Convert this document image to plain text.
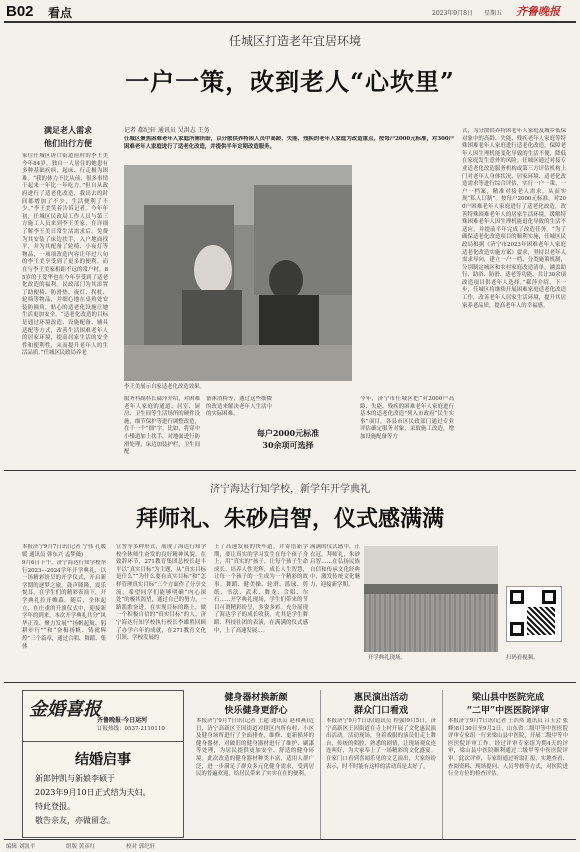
B02 看点	2023年9月8日 星期五 齐鲁晚报
任城区打造老年宜居环境
一户一策，改到老人“心坎里”
满足老人需求
他们出行方便
家住任城区唐口街道前村的李王美今年84岁，独自一人居住的她患有多种基础疾病，起床、行走极为困难。“我的体力不比从前，很多事情干起来一年比一年吃力。”但自从政府进行了适老化改造，我出去的时间都增加了不少，生活便利了不少。”李王美笑着告诉记者。今年年初，任城区民政局工作人员与第三方施工人员来到李王美家，在详细了解李王美日常生活需求后，免费为其安装了床边扶手，入户地面找平，并为其配备了轮椅、小夜灯等物品，一项项改造内容让年过八旬的李王美享受到了更多的便利。而在与李王美家相距不远的常户村，85岁的王爱华也在今年享受到了适老化改造的福利。民政部门为其添置了助便椅、防滑垫、夜灯、拐杖、轮椅等物品，并细心地在桌角处安装防撞角，贴心的适老化设施让她生活更加安全。“适老化改造的目标是通过环境改造、设施配备、辅具适配等方式，改善生活困难老年人的居家环境，提高居家生活的安全性和便利性，从而提升老年人的生活品质。”任城区民政局养老
记者 郗纪轩 通讯员 吴洪志 王务
任城区聚焦困难老年人家庭所需所盼，以分散供养特困人员中高龄、失能、残疾的老年人家庭为改造重点，按每户2000元标准，对300户困难老年人家庭进行了适老化改造，并提供半年定期改造服务。
李王美展示自家适老化改造效果。
服务科副科长郗萍介绍，对困难老年人家庭的通道、居室、厨房、卫生间等生活场所的硬件设施，细节保护等进行调整改造，在干一个“细”字，比如，将穿中小楼道加上扶手，对地面进行防滑处理，床边加装护栏，卫生间配
备沐浴椅等，通过这些细微的改造来解决老年人生活中的实际困难。
每户2000元标准
30余项可选择
今年，济宁市任城区把“对2000户高龄、失能、残疾的困难老年人家庭进行基本的适老化改造”列入市政府“民生实事”项目。各县市区民政部门通过专业评估确定服务对象，采取施工改造，增加设施配备等方
式，为分散供养特困老年人家庭及城乡低保对象中的高龄、失能、残疾老年人家庭等特殊困难老年人家庭进行适老化改造，保障老年人因生理机能变化导致的生活不便，降低在家庭发生意外的风险。任城区通过对接专业适老化改造服务机构或第三方评估机构上门对老年人身体状况、居家环境、适老化改造需求等进行综合评估，实行一户一策、一户一档案，精准对接老人需求，从而实现“私人订制”。按每户2000元标准，对200户困难老年人家庭进行了适老化改造，改善特殊困难老年人的居家生活环境，缓解特殊困难老年人因生理机能退化导致的生活不适应，并提前半年完成了改造任务。“为了确保适老化改造项目的顺利实施，任城区民政局根据《济宁市2023年困难老年人家庭适老化改造实施方案》要求，坚持以老年人需求导向，建立一户一档、分类施策机制，分别制定城区和农村家庭改造清单，涵盖助行、助浴、防滑、适老等功能，共计30余项改造项目供老年人选择。”郗萍介绍。下一步，任城区将继续开展困难家庭适老化改造工作，改善老年人居家生活环境，提升其居家养老品质，提高老年人的幸福感。
济宁海达行知学校，新学年开学典礼
拜师礼、朱砂启智，仪式感满满
本报济宁9月7日讯(记者 宁伟 孔媛媛 通讯员 韩东兴 孟梦薇)
9月6日下午，济宁海达行知学校举行2023—2024学年开学典礼，以一场精彩纷呈的开学仪式，开启新学期的逐梦之旅。鼓声隆隆，震乐悦耳，在学生们的精彩表演下，开学典礼拉开帷幕。随后，全体起立，在庄重的升旗仪式中，迎接新学年的到来。本次开学典礼共分“风华正茂、聚力发展”“扬帆起航、躬耕步行”“和“奋楫扬帆、铸就辉煌”三个篇章，通过合唱、舞蹈、集体
宣誓等多种形式，展现了海达行知学校全体师生奋发的良好精神风貌。在致辞环节，271教育集团总校长赵丰平以“真实目标”为主题，从“真实目标是什么”“为什么要有真实目标”和“怎样管理真实目标”三个方面作了分享交流，希望同学们能够明确“内心深处”的极其渴望，通过自己的努力，一路凯歌奋进，在实现目标的路上，做一个积极自信的“真实目标”的人。济宁海达行知学校执行校长李雄胜回顾了办学六年的成就，在271教育文化引领、学校发展的
上了高速发展的快车道，并寄语新学期，要让真实的学习发生在每个孩子身上，用“真实的”孩子，让每个孩子生命成长、培养人性光辉，成长人生智慧，让每一个孩子的一生成为一个精彩的故事。舞蹈、健美操、轮滑、篮球、剪纸、书法、武术、舞龙、合唱、尔石……开学典礼现场，学生们带来的节目可谓精彩纷呈，多姿多彩。充分展现了海达学子的成长收获，尤其是学生舞蹈、科技社团的表演，在满满的仪式感中，上了高速发展…。
满满的仪式感中，正衣冠，拜师礼，朱砂启智……在弘扬民族自信和传承文化经典中，激发传统文化魅力，迎接新学期。
开学典礼现场。	扫码看视频。
金婚喜报
齐鲁晚报·今日运河
订报热线：0537-2110110
结婚启事
新郎钟凯与新娘李硕于
2023年9月10日正式结为夫妇。
特此登报。
敬告亲友，亦做留念。
健身器材换新颜
快乐健身更舒心
本报济宁9月7日讯(记者 王超 通讯员 赵和燕)近日，济宁高新区王因街道对辖区内所有村、小区及健身场所进行了全面排查，维修、更新损坏的健身器材，对破旧的健身器材进行了维护、刷漆等处理，为居民提供更加安全、舒适的健身环境。此次改造的健身器材种类丰富，适用人群广泛，进一步满足了群众多元化健身需求，受到居民的普遍欢迎，给居民带来了实实在在的便利。
惠民演出活动
群众门口看戏
本报济宁9月7日讯(通讯员 程强)9月5日，济宁高新区王因街道在寺上村开展了文化惠民演出活动。活动现场，身着戏服的演员们走上舞台，传统的唱腔、熟悉的剧情，让现场观众连连叫好，为大家奉上了一场精彩的文化盛宴。在家门口看到喜闻乐见的文艺演出，大家纷纷表示，时不时能有这样的活动真是太好了。
梁山县中医院完成
“二甲”中医医院评审
本报济宁9月7日讯(记者 王浩然 通讯员 吕玉会 张峰)8月30日至9月2日，山东省二级甲等中医医院评审专家组一行来梁山县中医院，开展二级甲等中医医院评审工作。经过评审专家组为期4天的评审，梁山县中医院顺利通过二级甲等中医医院评审。此次评审，专家组通过听取汇报、实地查看、查阅资料、现场提问、人员考核等方式，对医院进行全方位的检查评估。
编辑 刘凯平	组版 黄彦红	校对 郭纪轩
